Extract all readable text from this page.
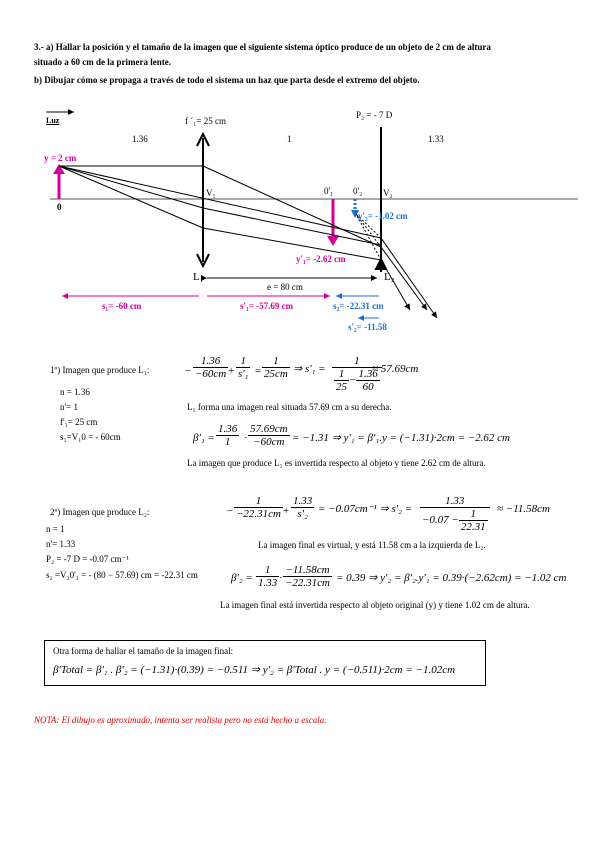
3.- a) Hallar la posición y el tamaño de la imagen que el siguiente sistema óptico produce de un objeto de 2 cm de altura
situado a 60 cm de la primera lente.
b) Dibujar cómo se propaga a través de todo el sistema un haz que parta desde el extremo del objeto.
Luz	f ´₁= 25 cm
P₂ = - 7 D
1.36	1	1.33
y = 2 cm
0
V₁	0'₁ 0'₂ V₂
y'₂= -1.02 cm
y'₁= -2.62 cm
L₁	L₂
e = 80 cm
s₁= -60 cm	s'₁= -57.69 cm	s₂= -22.31 cm
s'₂= -11.58
1º) Imagen que produce L₁:
n = 1.36
n'= 1
f'₁= 25 cm
s₁=V₁0 = - 60cm
− $\frac{1.36}{-60cm} + \frac{1}{\text{s'₁}} = \frac{1}{25cm}$ ⇒ $s'_1 = \frac{1}{\frac{1}{25} - \frac{1.36}{60}}$
≈ 57.69cm
L₁ forma una imagen real situada 57.69 cm a su derecha.
$\beta'_1 = \frac{1.36}{1} \cdot \frac{57.69cm}{-60cm} = -1.31$ ⇒ y'₁ = β'₁.y = (−1.31)·2cm = −2.62 cm
La imagen que produce L₁ es invertida respecto al objeto y tiene 2.62 cm de altura.
2º) Imagen que produce L₂:
n = 1
n'= 1.33
P₂ = -7 D = -0.07 cm⁻¹
s₂ =V₂0'₁ = - (80 − 57.69) cm = -22.31 cm
− $\frac{1}{-22.31cm} + \frac{1.33}{\text{s'₂}} = -0.07cm^{-1}$ ⇒ $s'_2 = \frac{1.33}{-0.07 - \frac{1}{22.31}} \approx -11.58cm$
La imagen final es virtual, y está 11.58 cm a la izquierda de L₂.
$\beta'_2 = \frac{1}{1.33} \cdot \frac{-11.58cm}{-22.31cm} = 0.39$ ⇒ y'₂ = β'₂.y'₁ = 0.39·(−2.62cm) = −1.02 cm
La imagen final está invertida respecto al objeto original (y) y tiene 1.02 cm de altura.
Otra forma de hallar el tamaño de la imagen final:
β'Total = β'₁ . β'₂ = (−1.31)·(0.39) = −0.511 ⇒ y'₂ = β'Total . y = (−0.511)·2cm = −1.02cm
NOTA: El dibujo es aproximado, intenta ser realista pero no está hecho a escala.
